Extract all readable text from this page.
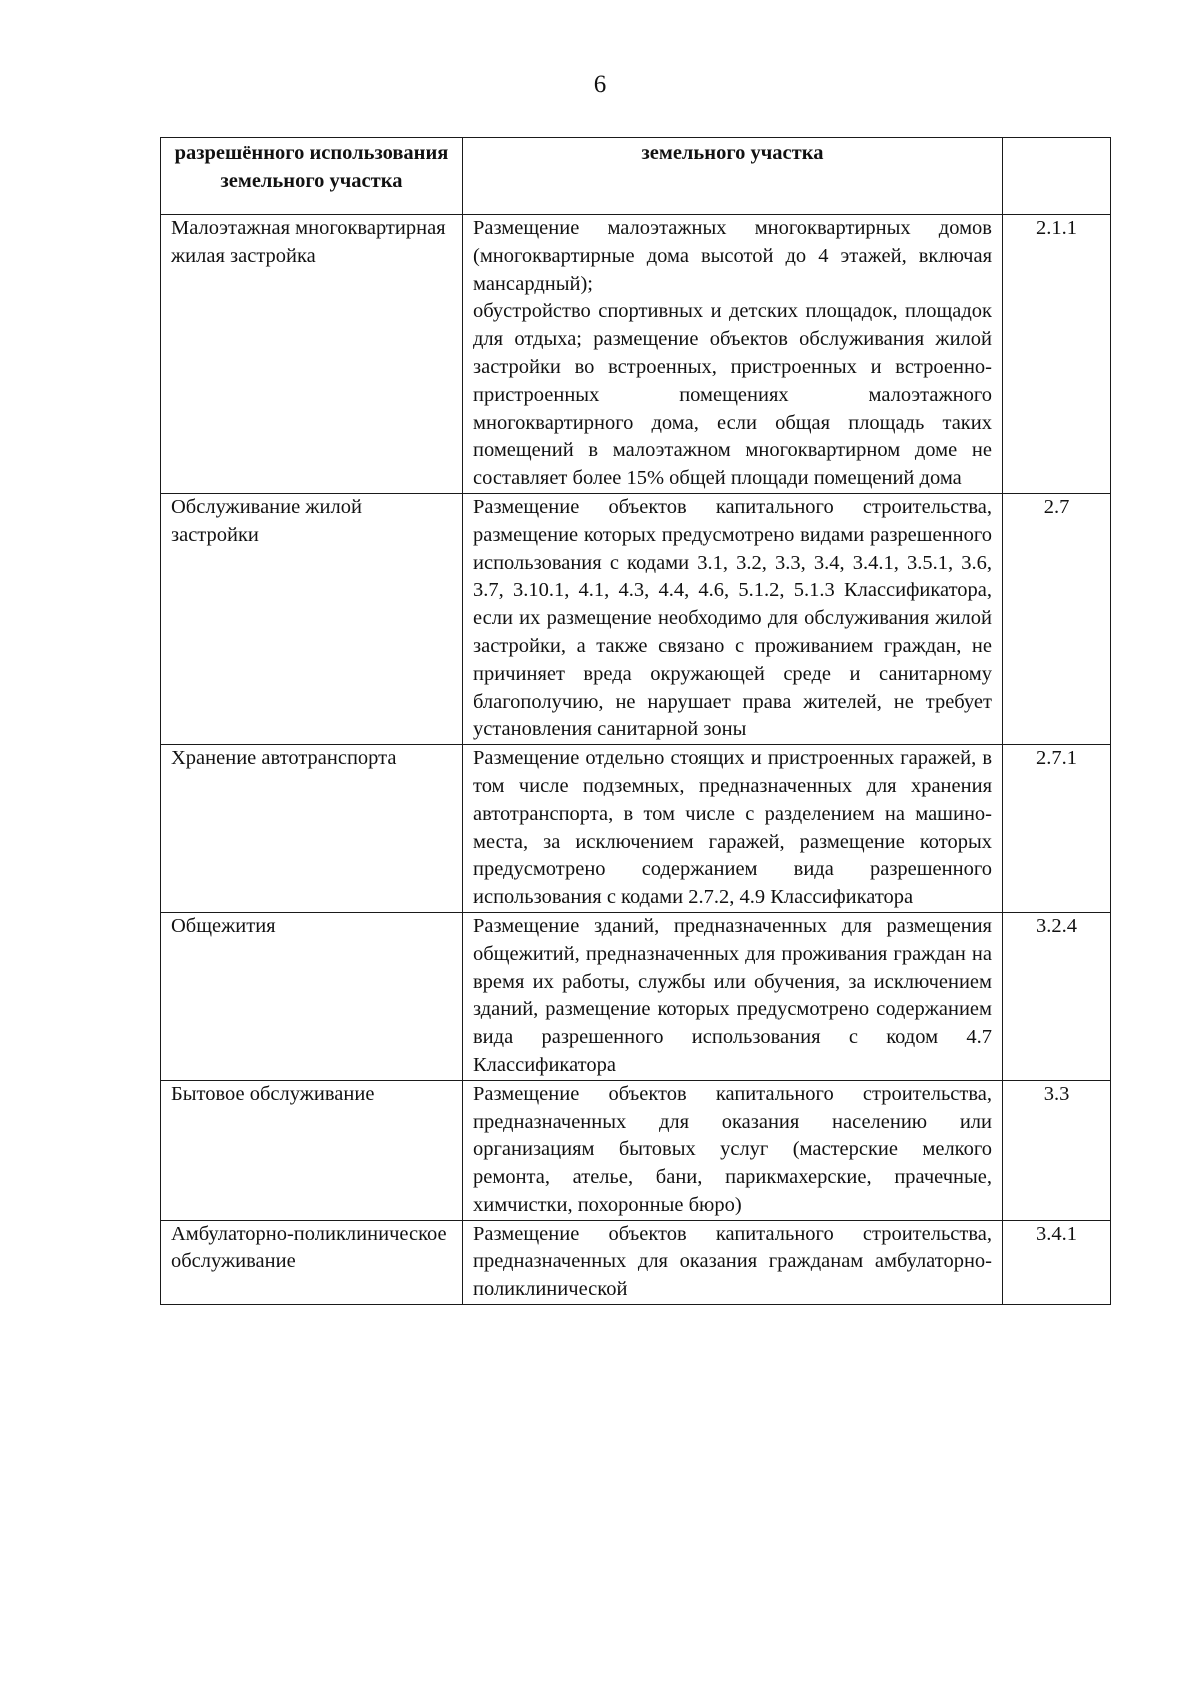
6
разрешённого использования земельного участка	земельного участка	
Малоэтажная многоквартирная жилая застройка	Размещение малоэтажных многоквартирных домов (многоквартирные дома высотой до 4 этажей, включая мансардный);

обустройство спортивных и детских площадок, площадок для отдыха; размещение объектов обслуживания жилой застройки во встроенных, пристроенных и встроенно-пристроенных помещениях малоэтажного многоквартирного дома, если общая площадь таких помещений в малоэтажном многоквартирном доме не составляет более 15% общей площади помещений дома	2.1.1
Обслуживание жилой застройки	Размещение объектов капитального строительства, размещение которых предусмотрено видами разрешенного использования с кодами 3.1, 3.2, 3.3, 3.4, 3.4.1, 3.5.1, 3.6, 3.7, 3.10.1, 4.1, 4.3, 4.4, 4.6, 5.1.2, 5.1.3 Классификатора, если их размещение необходимо для обслуживания жилой застройки, а также связано с проживанием граждан, не причиняет вреда окружающей среде и санитарному благополучию, не нарушает права жителей, не требует установления санитарной зоны	2.7
Хранение автотранспорта	Размещение отдельно стоящих и пристроенных гаражей, в том числе подземных, предназначенных для хранения автотранспорта, в том числе с разделением на машино-места, за исключением гаражей, размещение которых предусмотрено содержанием вида разрешенного использования с кодами 2.7.2, 4.9 Классификатора	2.7.1
Общежития	Размещение зданий, предназначенных для размещения общежитий, предназначенных для проживания граждан на время их работы, службы или обучения, за исключением зданий, размещение которых предусмотрено содержанием вида разрешенного использования с кодом 4.7 Классификатора	3.2.4
Бытовое обслуживание	Размещение объектов капитального строительства, предназначенных для оказания населению или организациям бытовых услуг (мастерские мелкого ремонта, ателье, бани, парикмахерские, прачечные, химчистки, похоронные бюро)	3.3
Амбулаторно-поликлиническое обслуживание	Размещение объектов капитального строительства, предназначенных для оказания гражданам амбулаторно-поликлинической	3.4.1
